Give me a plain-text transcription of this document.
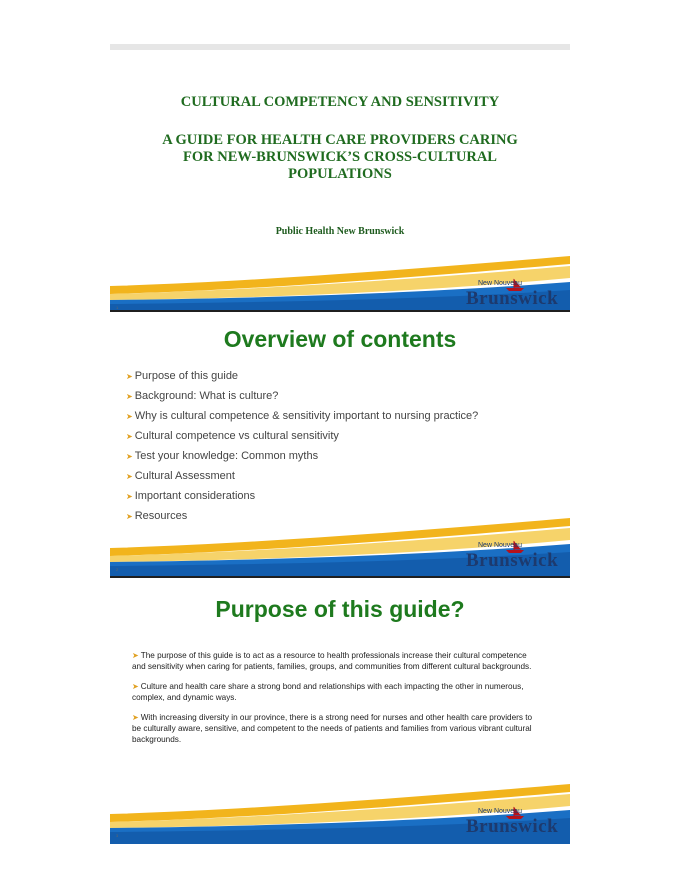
CULTURAL COMPETENCY AND SENSITIVITY
A GUIDE FOR HEALTH CARE PROVIDERS CARING
FOR NEW-BRUNSWICK’S CROSS-CULTURAL
POPULATIONS
Public Health New Brunswick
New Nouveau
Brunswick
1
Overview of contents
➤ Purpose of this guide
➤ Background: What is culture?
➤ Why is cultural competence & sensitivity important to nursing practice?
➤ Cultural competence vs cultural sensitivity
➤ Test your knowledge: Common myths
➤ Cultural Assessment
➤ Important considerations
➤ Resources
New Nouveau
Brunswick
2
Purpose of this guide?
➤ The purpose of this guide is to act as a resource to health professionals increase their cultural competence and sensitivity when caring for patients, families, groups, and communities from different cultural backgrounds.
➤ Culture and health care share a strong bond and relationships with each impacting the other in numerous, complex, and dynamic ways.
➤ With increasing diversity in our province, there is a strong need for nurses and other health care providers to be culturally aware, sensitive, and competent to the needs of patients and families from various vibrant cultural backgrounds.
New Nouveau
Brunswick
3
